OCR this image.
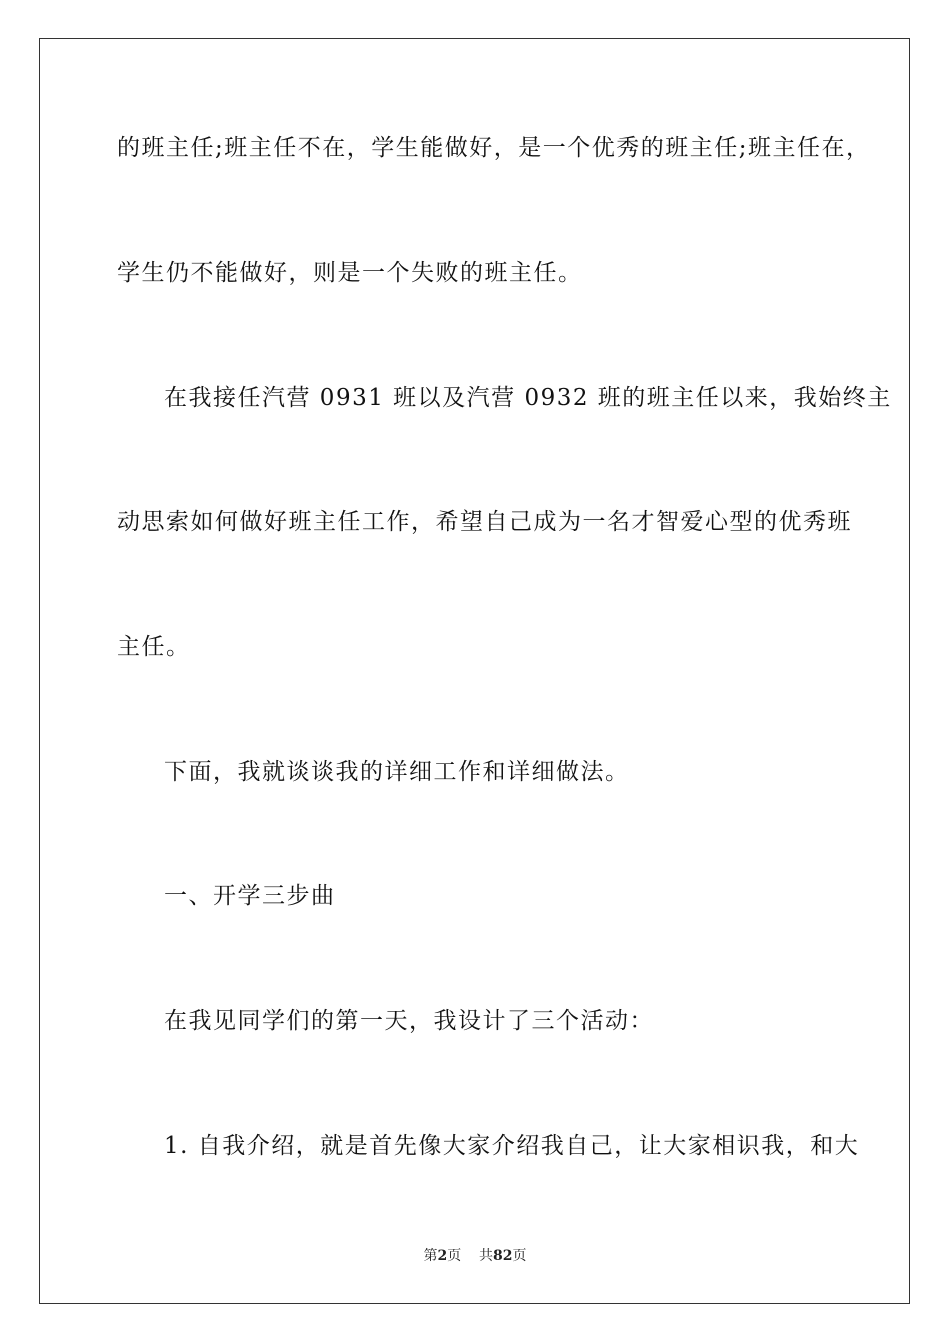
的班主任;班主任不在，学生能做好，是一个优秀的班主任;班主任在，
学生仍不能做好，则是一个失败的班主任。
在我接任汽营 0931 班以及汽营 0932 班的班主任以来，我始终主
动思索如何做好班主任工作，希望自己成为一名才智爱心型的优秀班
主任。
下面，我就谈谈我的详细工作和详细做法。
一、开学三步曲
在我见同学们的第一天，我设计了三个活动：
1. 自我介绍，就是首先像大家介绍我自己，让大家相识我，和大
第2页 共82页
